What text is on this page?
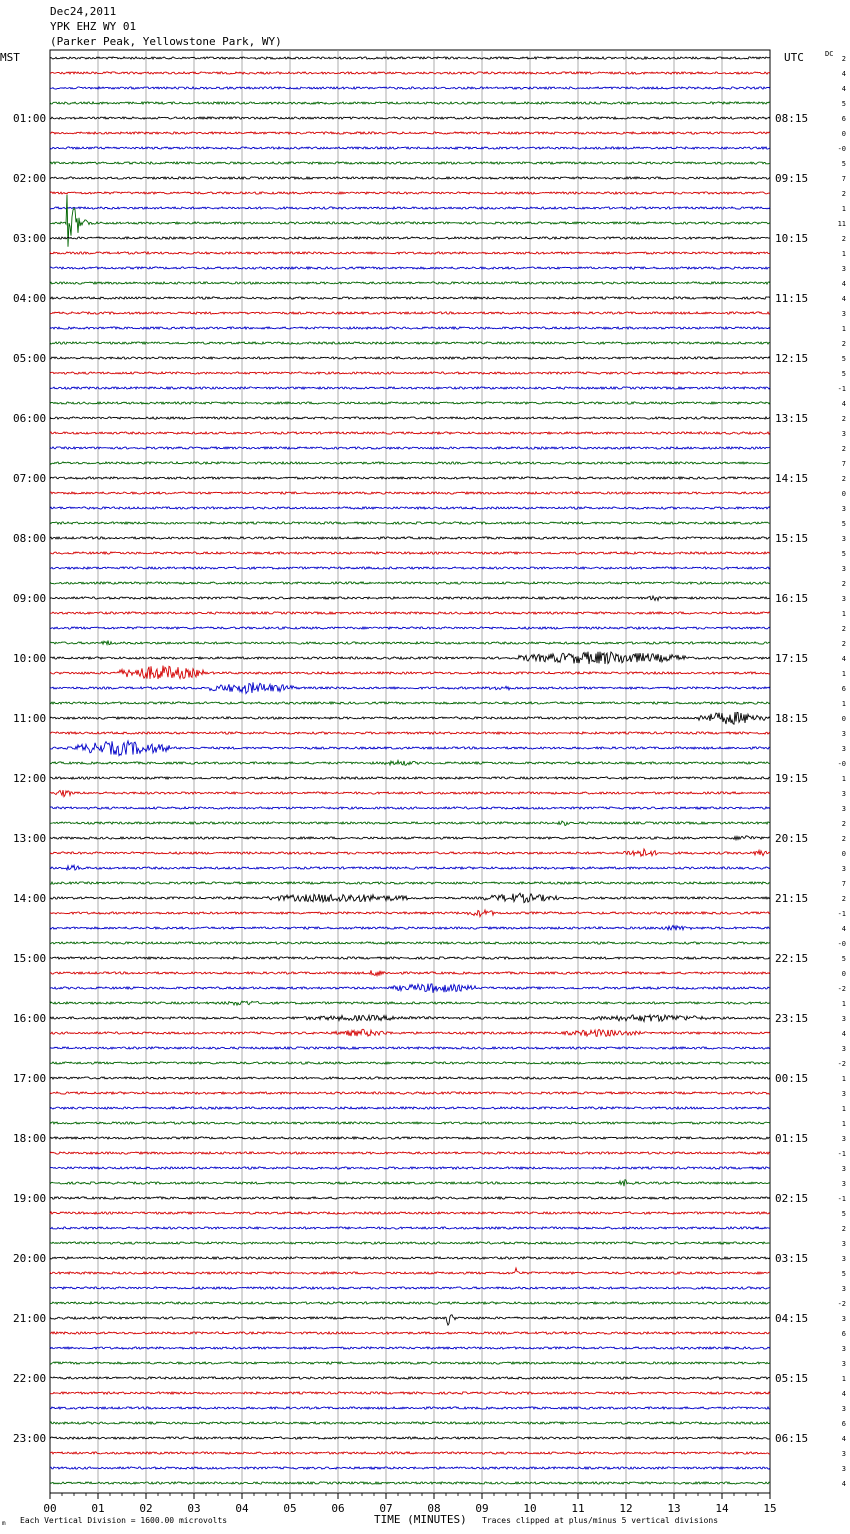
Dec24,2011
YPK EHZ WY 01
(Parker Peak, Yellowstone Park, WY)
MST	UTC	DC
01:00
02:00
03:00
04:00
05:00
06:00
07:00
08:00
09:00
10:00
11:00
12:00
13:00
14:00
15:00
16:00
17:00
18:00
19:00
20:00
21:00
22:00
23:00
08:15
09:15
10:15
11:15
12:15
13:15
14:15
15:15
16:15
17:15
18:15
19:15
20:15
21:15
22:15
23:15
00:15
01:15
02:15
03:15
04:15
05:15
06:15
2
4
4
5
6
0
-0
5
7
2
1
11
2
1
3
4
4
3
1
2
5
5
-1
4
2
3
2
7
2
0
3
5
3
5
3
2
3
1
2
2
4
1
6
1
0
3
3
-0
1
3
3
2
2
0
3
7
2
-1
4
-0
5
0
-2
1
3
4
3
-2
1
3
1
1
3
-1
3
3
-1
5
2
3
3
5
3
-2
3
6
3
3
1
4
3
6
4
3
3
4
00	01	02	03	04	05	06	07	08	09	10	11	12	13	14	15
m Each Vertical Division = 1600.00 microvolts	TIME (MINUTES) Traces clipped at plus/minus 5 vertical divisions
